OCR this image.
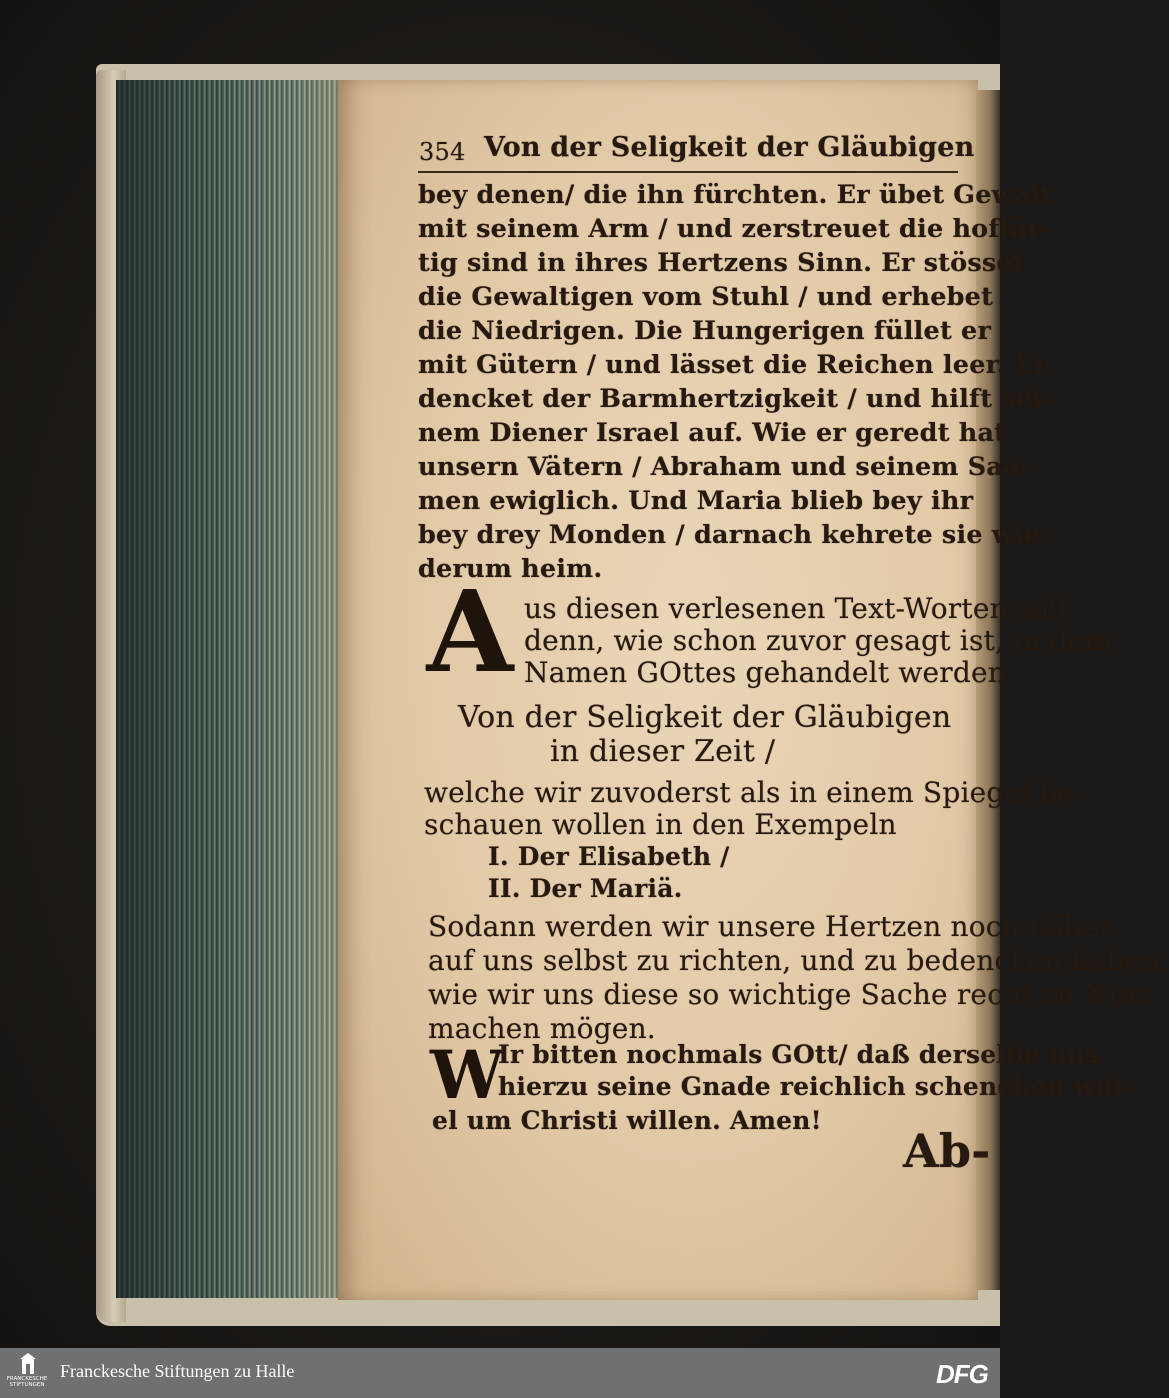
354 Von der Seligkeit der Gläubigen
bey denen/ die ihn fürchten. Er übet Gewalt
mit seinem Arm / und zerstreuet die hoffär-
tig sind in ihres Hertzens Sinn. Er stösset
die Gewaltigen vom Stuhl / und erhebet
die Niedrigen. Die Hungerigen füllet er
mit Gütern / und lässet die Reichen leer. Er
dencket der Barmhertzigkeit / und hilft sei-
nem Diener Israel auf. Wie er geredt hat
unsern Vätern / Abraham und seinem Saa-
men ewiglich. Und Maria blieb bey ihr
bey drey Monden / darnach kehrete sie wie-
derum heim.
A us diesen verlesenen Text-Worten soll
denn, wie schon zuvor gesagt ist, in dem
Namen GOttes gehandelt werden
Von der Seligkeit der Gläubigen
in dieser Zeit /
welche wir zuvoderst als in einem Spiegel be-
schauen wollen in den Exempeln
I. Der Elisabeth /
II. Der Mariä.
Sodann werden wir unsere Hertzen noch näher
auf uns selbst zu richten, und zu bedencken haben,
wie wir uns diese so wichtige Sache recht zu Nutz
machen mögen.
W
Ir bitten nochmals GOtt/ daß derselbe uns
hierzu seine Gnade reichlich schencken wol-
el um Christi willen. Amen!
Ab-
FRANCKESCHE STIFTUNGEN
Franckesche Stiftungen zu Halle	DFG
